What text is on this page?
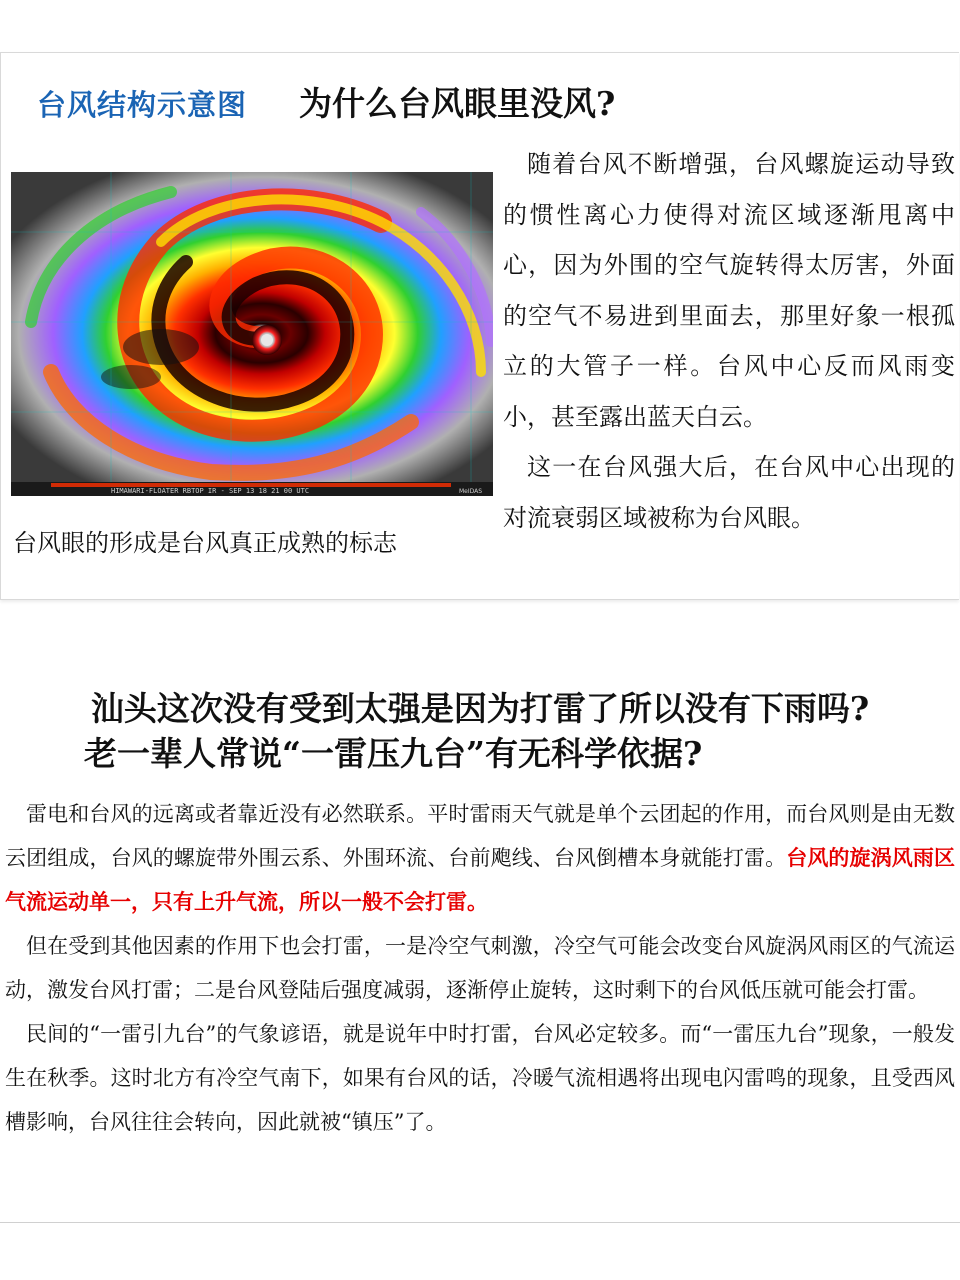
台风结构示意图 为什么台风眼里没风?
HIMAWARI-FLOATER RBTOP IR - SEP 13 18 21 00 UTC	MeIDAS
台风眼的形成是台风真正成熟的标志

随着台风不断增强，台风螺旋运动导致的惯性离心力使得对流区域逐渐甩离中心，因为外围的空气旋转得太厉害，外面的空气不易进到里面去，那里好象一根孤立的大管子一样。台风中心反而风雨变小，甚至露出蓝天白云。

这一在台风强大后，在台风中心出现的对流衰弱区域被称为台风眼。

汕头这次没有受到太强是因为打雷了所以没有下雨吗?
老一辈人常说“一雷压九台”有无科学依据?

雷电和台风的远离或者靠近没有必然联系。平时雷雨天气就是单个云团起的作用，而台风则是由无数云团组成，台风的螺旋带外围云系、外围环流、台前飑线、台风倒槽本身就能打雷。台风的旋涡风雨区气流运动单一，只有上升气流，所以一般不会打雷。

但在受到其他因素的作用下也会打雷，一是冷空气刺激，冷空气可能会改变台风旋涡风雨区的气流运动，激发台风打雷；二是台风登陆后强度减弱，逐渐停止旋转，这时剩下的台风低压就可能会打雷。

民间的“一雷引九台”的气象谚语，就是说年中时打雷，台风必定较多。而“一雷压九台”现象，一般发生在秋季。这时北方有冷空气南下，如果有台风的话，冷暖气流相遇将出现电闪雷鸣的现象，且受西风槽影响，台风往往会转向，因此就被“镇压”了。
